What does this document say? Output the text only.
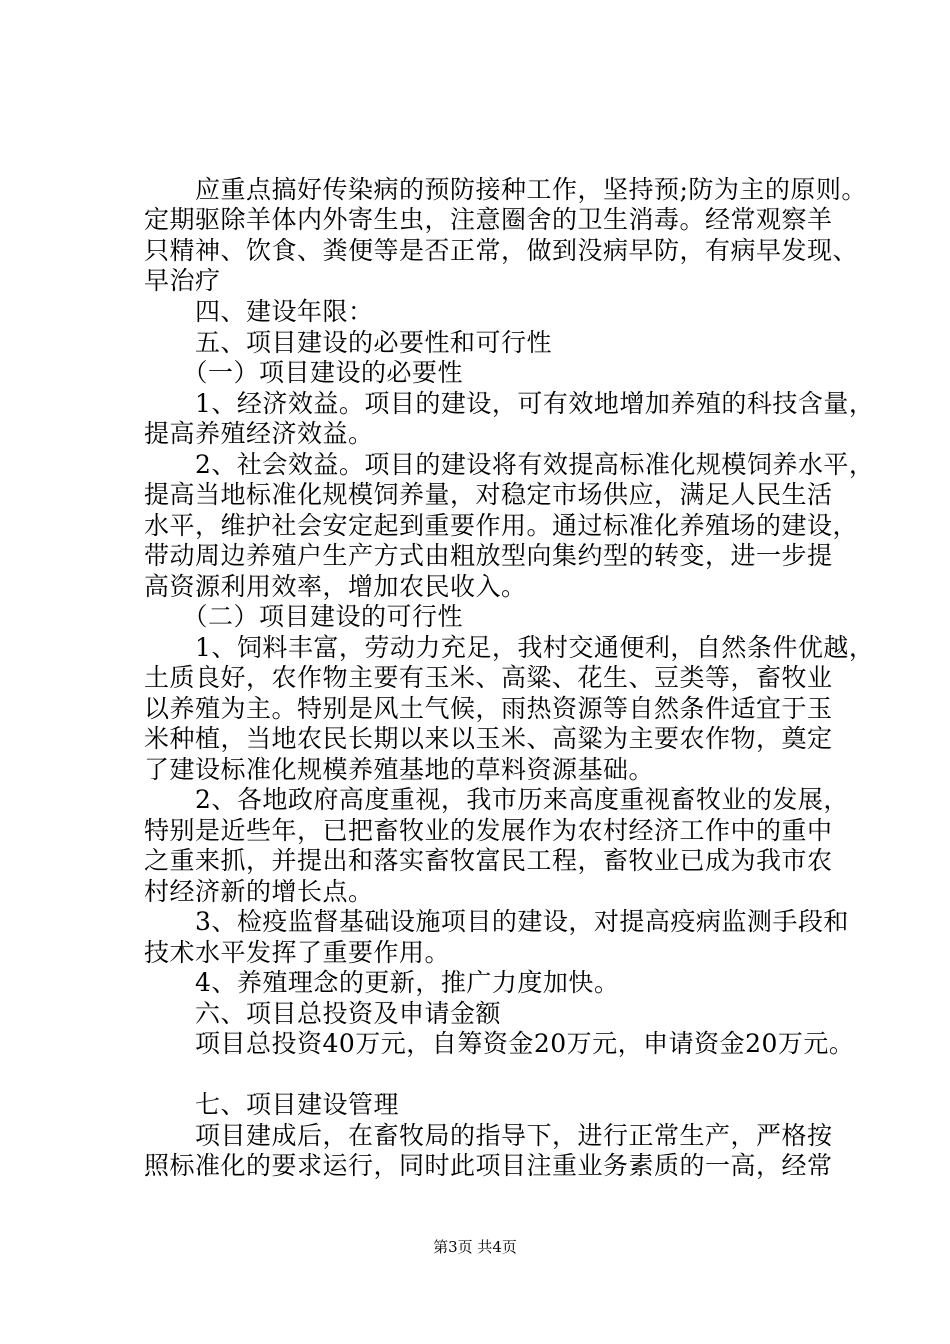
　　应重点搞好传染病的预防接种工作，坚持预;防为主的原则。
定期驱除羊体内外寄生虫，注意圈舍的卫生消毒。经常观察羊
只精神、饮食、粪便等是否正常，做到没病早防，有病早发现、
早治疗
　　四、建设年限：
　　五、项目建设的必要性和可行性
　　（一）项目建设的必要性
　　1、经济效益。项目的建设，可有效地增加养殖的科技含量，
提高养殖经济效益。
　　2、社会效益。项目的建设将有效提高标准化规模饲养水平，
提高当地标准化规模饲养量，对稳定市场供应，满足人民生活
水平，维护社会安定起到重要作用。通过标准化养殖场的建设，
带动周边养殖户生产方式由粗放型向集约型的转变，进一步提
高资源利用效率，增加农民收入。
　　（二）项目建设的可行性
　　1、饲料丰富，劳动力充足，我村交通便利，自然条件优越，
土质良好，农作物主要有玉米、高粱、花生、豆类等，畜牧业
以养殖为主。特别是风土气候，雨热资源等自然条件适宜于玉
米种植，当地农民长期以来以玉米、高粱为主要农作物，奠定
了建设标准化规模养殖基地的草料资源基础。
　　2、各地政府高度重视，我市历来高度重视畜牧业的发展，
特别是近些年，已把畜牧业的发展作为农村经济工作中的重中
之重来抓，并提出和落实畜牧富民工程，畜牧业已成为我市农
村经济新的增长点。
　　3、检疫监督基础设施项目的建设，对提高疫病监测手段和
技术水平发挥了重要作用。
　　4、养殖理念的更新，推广力度加快。
　　六、项目总投资及申请金额
　　项目总投资40万元，自筹资金20万元，申请资金20万元。
　　七、项目建设管理
　　项目建成后，在畜牧局的指导下，进行正常生产，严格按
照标准化的要求运行，同时此项目注重业务素质的一高，经常
第3页 共4页
